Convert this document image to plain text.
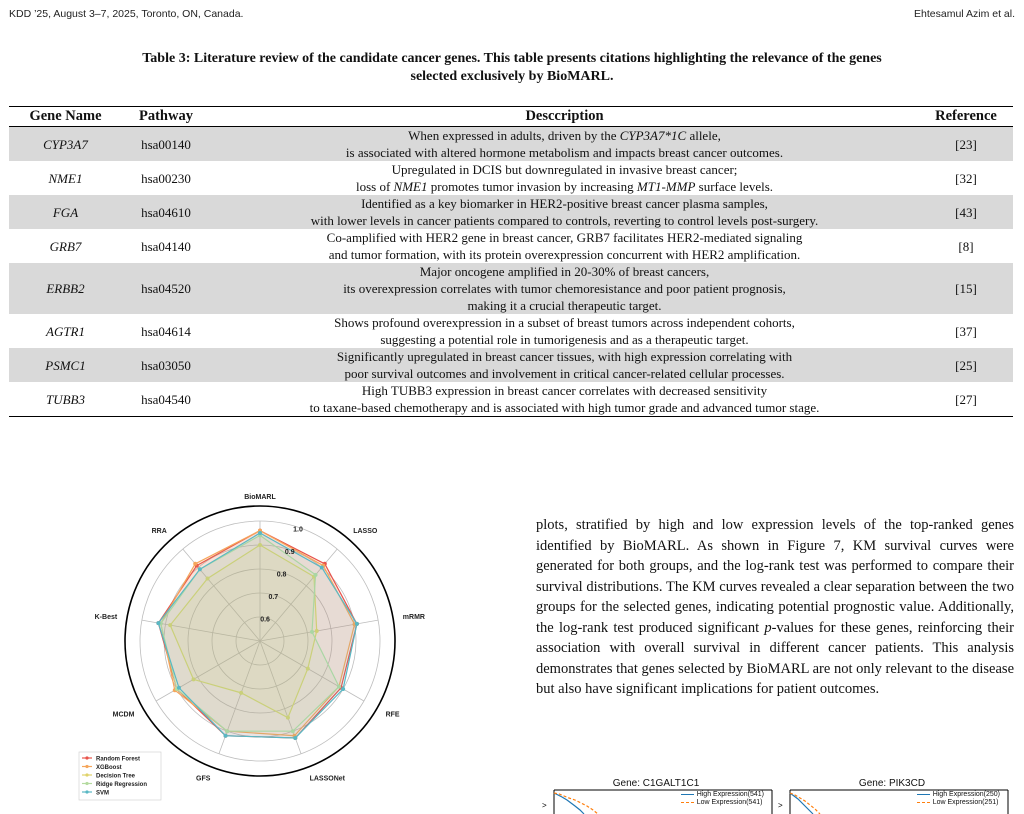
KDD ’25, August 3–7, 2025, Toronto, ON, Canada.	Ehtesamul Azim et al.
Table 3: Literature review of the candidate cancer genes. This table presents citations highlighting the relevance of the genes
selected exclusively by BioMARL.
Gene Name	Pathway	Desccription	Reference
CYP3A7	hsa00140	When expressed in adults, driven by the CYP3A7*1C allele,
is associated with altered hormone metabolism and impacts breast cancer outcomes.	[23]
NME1	hsa00230	Upregulated in DCIS but downregulated in invasive breast cancer;
loss of NME1 promotes tumor invasion by increasing MT1-MMP surface levels.	[32]
FGA	hsa04610	Identified as a key biomarker in HER2-positive breast cancer plasma samples,
with lower levels in cancer patients compared to controls, reverting to control levels post-surgery.	[43]
GRB7	hsa04140	Co-amplified with HER2 gene in breast cancer, GRB7 facilitates HER2-mediated signaling
and tumor formation, with its protein overexpression concurrent with HER2 amplification.	[8]
ERBB2	hsa04520	Major oncogene amplified in 20-30% of breast cancers,
its overexpression correlates with tumor chemoresistance and poor patient prognosis,
making it a crucial therapeutic target.	[15]
AGTR1	hsa04614	Shows profound overexpression in a subset of breast tumors across independent cohorts,
suggesting a potential role in tumorigenesis and as a therapeutic target.	[37]
PSMC1	hsa03050	Significantly upregulated in breast cancer tissues, with high expression correlating with
poor survival outcomes and involvement in critical cancer-related cellular processes.	[25]
TUBB3	hsa04540	High TUBB3 expression in breast cancer correlates with decreased sensitivity
to taxane-based chemotherapy and is associated with high tumor grade and advanced tumor stage.	[27]
0.6
0.7
0.8
0.9
1.0
BioMARL
LASSO
mRMR
RFE
LASSONet
GFS
MCDM
K-Best
RRA
Random Forest
XGBoost
Decision Tree
Ridge Regression
SVM
plots, stratified by high and low expression levels of the top-ranked genes identified by BioMARL. As shown in Figure 7, KM survival curves were generated for both groups, and the log-rank test was performed to compare their survival distributions. The KM curves revealed a clear separation between the two groups for the selected genes, indicating potential prognostic value. Additionally, the log-rank test produced significant p-values for these genes, reinforcing their association with overall survival in different cancer patients. This analysis demonstrates that genes selected by BioMARL are not only relevant to the disease but also have significant implications for patient outcomes.
Gene: C1GALT1C1
>
High Expression(541)
Low Expression(541)
Gene: PIK3CD
>
High Expression(250)
Low Expression(251)
